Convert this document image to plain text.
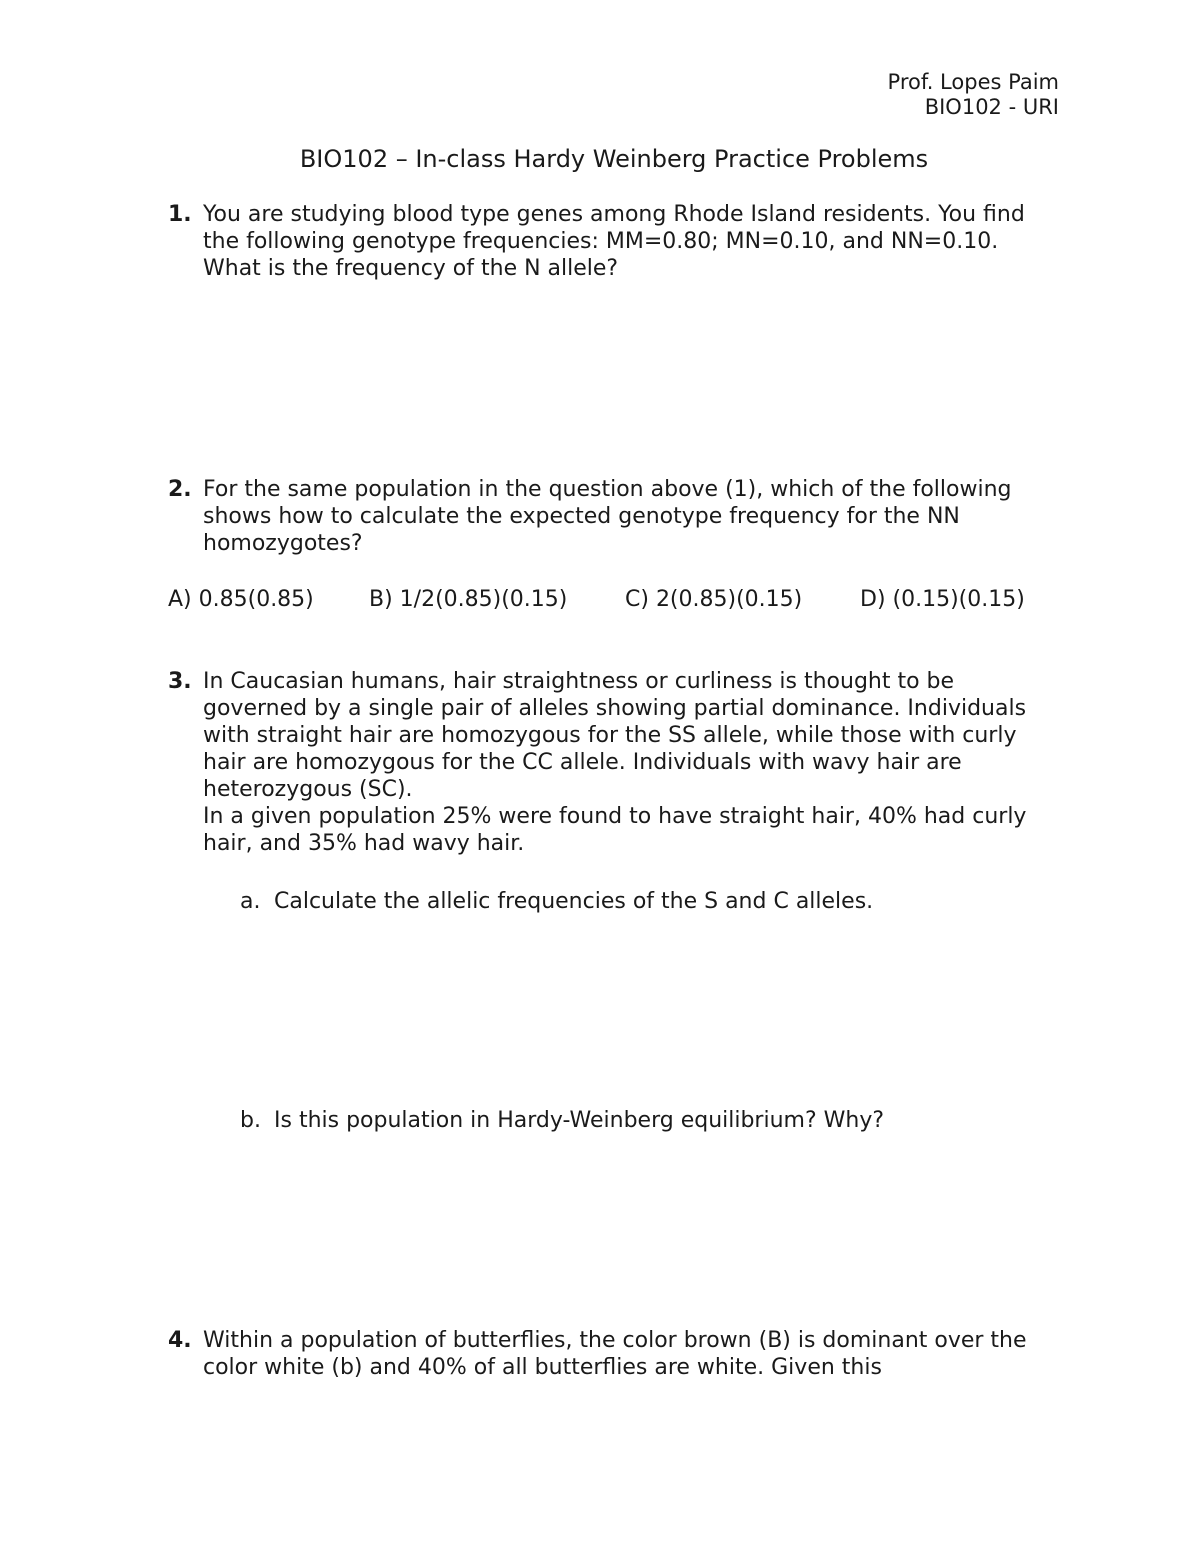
Prof. Lopes Paim
BIO102 - URI
BIO102 – In-class Hardy Weinberg Practice Problems
1. You are studying blood type genes among Rhode Island residents. You find the following genotype frequencies: MM=0.80; MN=0.10, and NN=0.10. What is the frequency of the N allele?

2. For the same population in the question above (1), which of the following shows how to calculate the expected genotype frequency for the NN homozygotes?

A) 0.85(0.85)	B) 1/2(0.85)(0.15)	C) 2(0.85)(0.15)	D) (0.15)(0.15)
3. In Caucasian humans, hair straightness or curliness is thought to be governed by a single pair of alleles showing partial dominance. Individuals with straight hair are homozygous for the SS allele, while those with curly hair are homozygous for the CC allele. Individuals with wavy hair are heterozygous (SC).

In a given population 25% were found to have straight hair, 40% had curly hair, and 35% had wavy hair.

a. Calculate the allelic frequencies of the S and C alleles.
b. Is this population in Hardy-Weinberg equilibrium? Why?
4. Within a population of butterflies, the color brown (B) is dominant over the color white (b) and 40% of all butterflies are white. Given this
